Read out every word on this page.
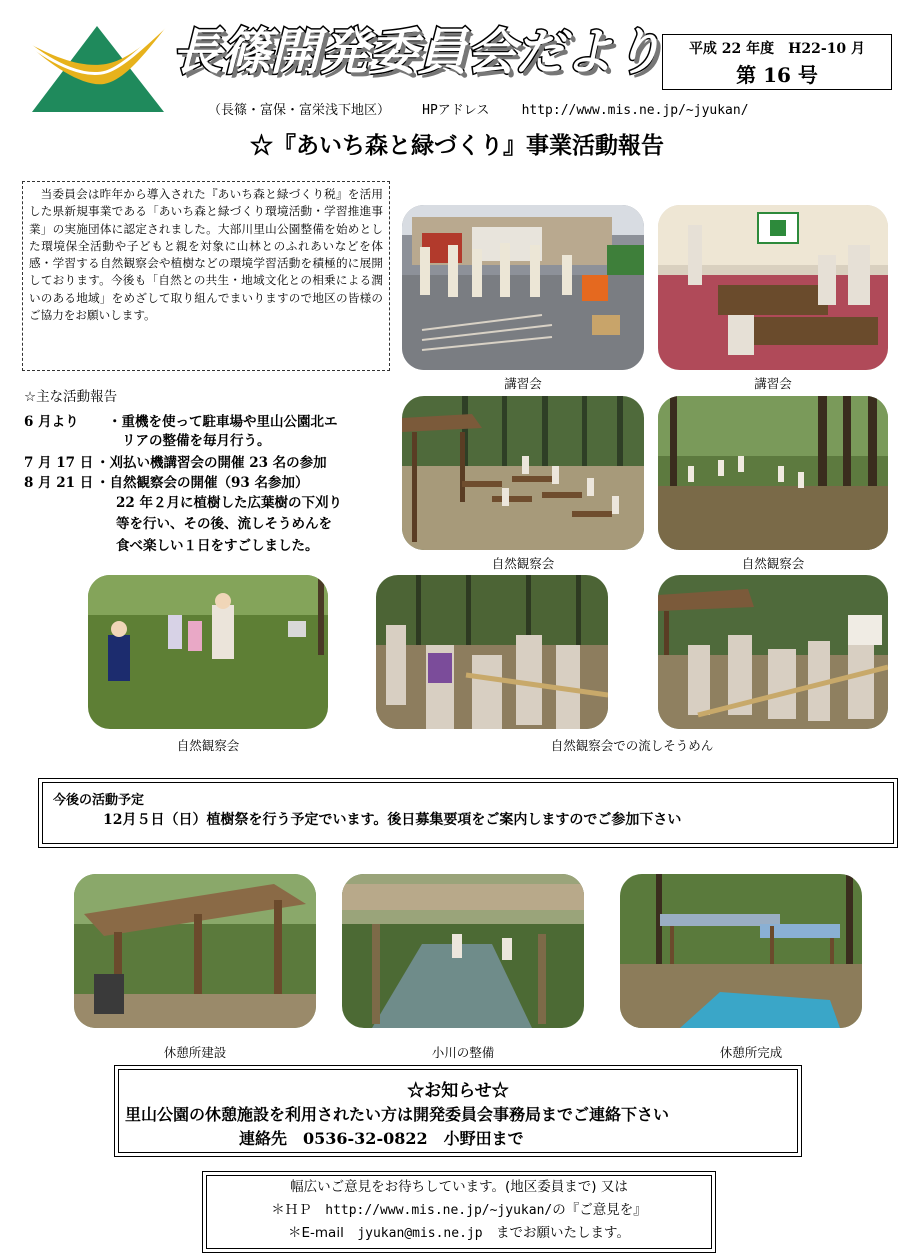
長篠開発委員会だより
（長篠・富保・富栄浅下地区） HPアドレス http://www.mis.ne.jp/~jyukan/
平成 22 年度　H22-10 月
第 16 号
☆『あいち森と緑づくり』事業活動報告
当委員会は昨年から導入された『あいち森と緑づくり税』を活用した県新規事業である「あいち森と緑づくり環境活動・学習推進事業」の実施団体に認定されました。大部川里山公園整備を始めとした環境保全活動や子どもと親を対象に山林とのふれあいなどを体感・学習する自然観察会や植樹などの環境学習活動を積極的に展開しております。今後も「自然との共生・地域文化との相乗による潤いのある地域」をめざして取り組んでまいりますので地区の皆様のご協力をお願いします。
☆主な活動報告
6 月より ・重機を使って駐車場や里山公園北エ
リアの整備を毎月行う。
7 月 17 日 ・刈払い機講習会の開催 23 名の参加
8 月 21 日 ・自然観察会の開催（93 名参加）
22 年２月に植樹した広葉樹の下刈り
等を行い、その後、流しそうめんを
食べ楽しい１日をすごしました。
講習会	講習会
自然観察会	自然観察会
自然観察会	自然観察会での流しそうめん
今後の活動予定
12月５日（日）植樹祭を行う予定でいます。後日募集要項をご案内しますのでご参加下さい
休憩所建設	小川の整備	休憩所完成

☆お知らせ☆

里山公園の休憩施設を利用されたい方は開発委員会事務局までご連絡下さい

連絡先　0536-32-0822　小野田まで

幅広いご意見をお待ちしています。(地区委員まで) 又は
＊ＨＰ　http://www.mis.ne.jp/~jyukan/の『ご意見を』
＊E-mail　jyukan@mis.ne.jp　までお願いたします。
